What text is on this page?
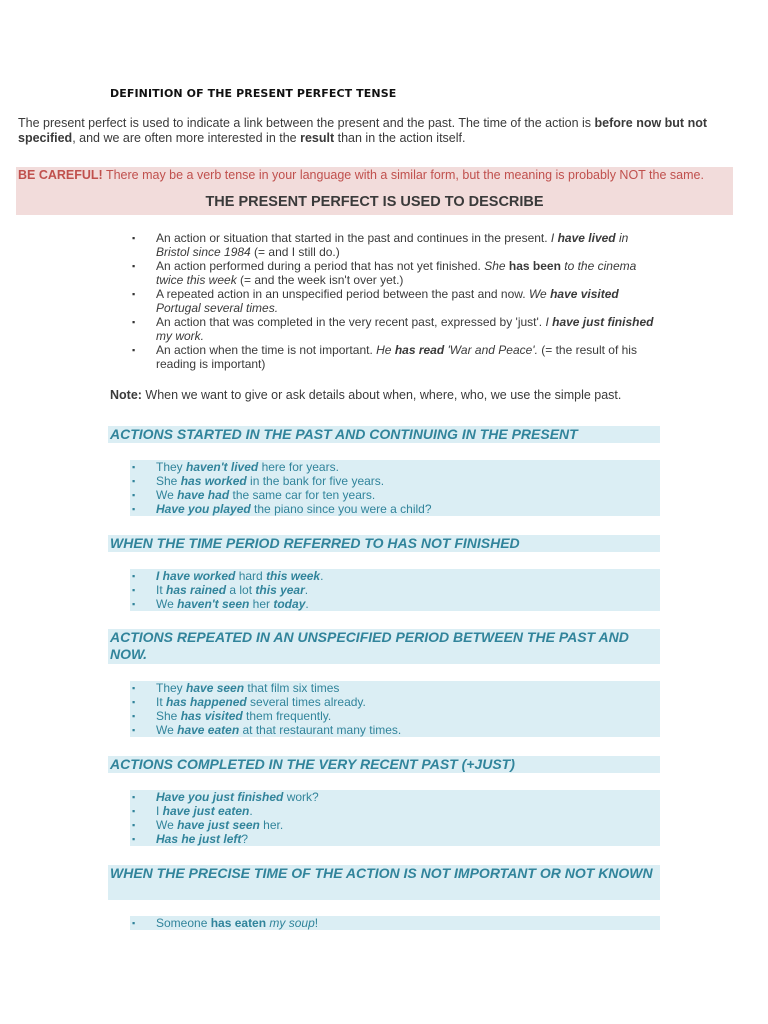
DEFINITION OF THE PRESENT PERFECT TENSE
The present perfect is used to indicate a link between the present and the past. The time of the action is before now but not specified, and we are often more interested in the result than in the action itself.
BE CAREFUL! There may be a verb tense in your language with a similar form, but the meaning is probably NOT the same.
THE PRESENT PERFECT IS USED TO DESCRIBE
▪ An action or situation that started in the past and continues in the present. I have lived in Bristol since 1984 (= and I still do.)
▪ An action performed during a period that has not yet finished. She has been to the cinema twice this week (= and the week isn't over yet.)
▪ A repeated action in an unspecified period between the past and now. We have visited Portugal several times.
▪ An action that was completed in the very recent past, expressed by 'just'. I have just finished my work.
▪ An action when the time is not important. He has read 'War and Peace'. (= the result of his reading is important)
Note: When we want to give or ask details about when, where, who, we use the simple past.
ACTIONS STARTED IN THE PAST AND CONTINUING IN THE PRESENT
▪ They haven't lived here for years.
▪ She has worked in the bank for five years.
▪ We have had the same car for ten years.
▪ Have you played the piano since you were a child?
WHEN THE TIME PERIOD REFERRED TO HAS NOT FINISHED
▪ I have worked hard this week.
▪ It has rained a lot this year.
▪ We haven't seen her today.
ACTIONS REPEATED IN AN UNSPECIFIED PERIOD BETWEEN THE PAST AND NOW.
▪ They have seen that film six times
▪ It has happened several times already.
▪ She has visited them frequently.
▪ We have eaten at that restaurant many times.
ACTIONS COMPLETED IN THE VERY RECENT PAST (+JUST)
▪ Have you just finished work?
▪ I have just eaten.
▪ We have just seen her.
▪ Has he just left?
WHEN THE PRECISE TIME OF THE ACTION IS NOT IMPORTANT OR NOT KNOWN
▪ Someone has eaten my soup!
